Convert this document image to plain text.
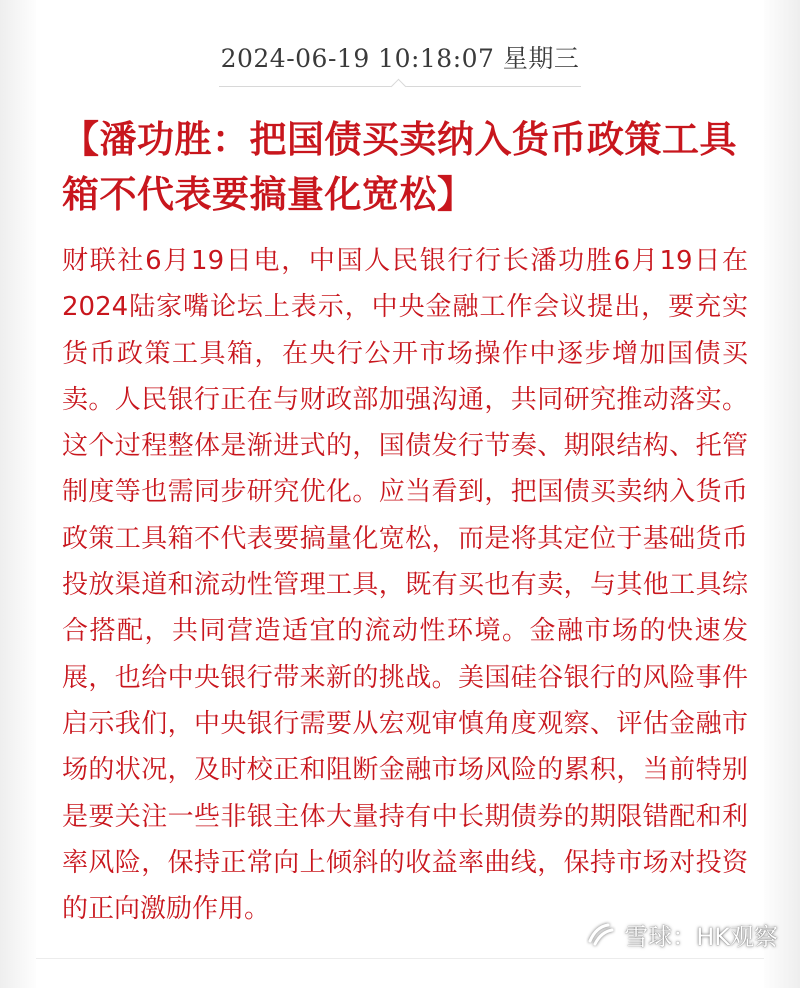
2024-06-19 10:18:07 星期三
【潘功胜：把国债买卖纳入货币政策工具箱不代表要搞量化宽松】

财联社6月19日电，中国人民银行行长潘功胜6月19日在2024陆家嘴论坛上表示，中央金融工作会议提出，要充实货币政策工具箱，在央行公开市场操作中逐步增加国债买卖。人民银行正在与财政部加强沟通，共同研究推动落实。这个过程整体是渐进式的，国债发行节奏、期限结构、托管制度等也需同步研究优化。应当看到，把国债买卖纳入货币政策工具箱不代表要搞量化宽松，而是将其定位于基础货币投放渠道和流动性管理工具，既有买也有卖，与其他工具综合搭配，共同营造适宜的流动性环境。金融市场的快速发展，也给中央银行带来新的挑战。美国硅谷银行的风险事件启示我们，中央银行需要从宏观审慎角度观察、评估金融市场的状况，及时校正和阻断金融市场风险的累积，当前特别是要关注一些非银主体大量持有中长期债券的期限错配和利率风险，保持正常向上倾斜的收益率曲线，保持市场对投资的正向激励作用。

雪球：HK观察
